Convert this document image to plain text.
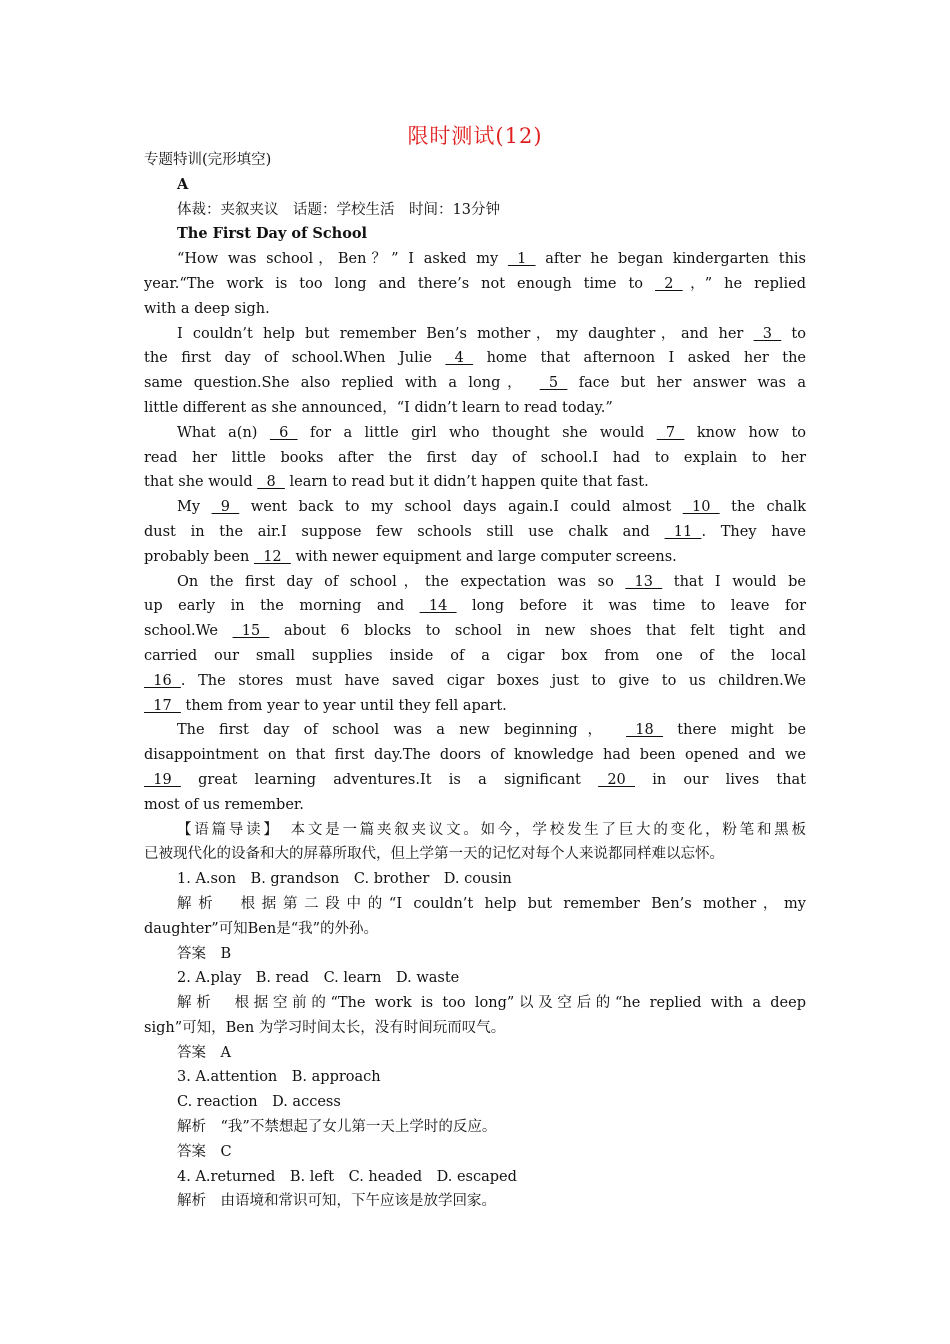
限时测试(12)
专题特训(完形填空)
A
体裁：夹叙夹议　话题：学校生活　时间：13分钟
The First Day of School
“How was school，Ben？” I asked my   1   after he began kindergarten this
year.“The work is too long and there’s not enough time to   2  ，” he replied
with a deep sigh.
I couldn’t help but remember Ben’s mother，my daughter，and her   3   to
the first day of school.When Julie   4   home that afternoon I asked her the
same question.She also replied with a long，   5   face but her answer was a
little different as she announced，“I didn’t learn to read today.”
What a(n)   6   for a little girl who thought she would   7   know how to
read her little books after the first day of school.I had to explain to her
that she would   8   learn to read but it didn’t happen quite that fast.
My   9   went back to my school days again.I could almost   10   the chalk
dust in the air.I suppose few schools still use chalk and   11  . They have
probably been   12   with newer equipment and large computer screens.
On the first day of school，the expectation was so   13   that I would be
up early in the morning and   14   long before it was time to leave for
school.We   15   about 6 blocks to school in new shoes that felt tight and
carried our small supplies inside of a cigar box from one of the local
16  . The stores must have saved cigar boxes just to give to us children.We
17   them from year to year until they fell apart.
The first day of school was a new beginning，   18   there might be
disappointment on that first day.The doors of knowledge had been opened and we
19   great learning adventures.It is a significant   20   in our lives that
most of us remember.
【语篇导读】　本文是一篇夹叙夹议文。如今，学校发生了巨大的变化，粉笔和黑板
已被现代化的设备和大的屏幕所取代，但上学第一天的记忆对每个人来说都同样难以忘怀。
1. A.son　B. grandson　C. brother　D. cousin
解析　根据第二段中的“I couldn’t help but remember Ben’s mother，my
daughter”可知Ben是“我”的外孙。
答案　B
2. A.play　B. read　C. learn　D. waste
解析　根据空前的“The work is too long”以及空后的“he replied with a deep
sigh”可知，Ben 为学习时间太长，没有时间玩而叹气。
答案　A
3. A.attention　B. approach
C. reaction　D. access
解析　“我”不禁想起了女儿第一天上学时的反应。
答案　C
4. A.returned　B. left　C. headed　D. escaped
解析　由语境和常识可知，下午应该是放学回家。
